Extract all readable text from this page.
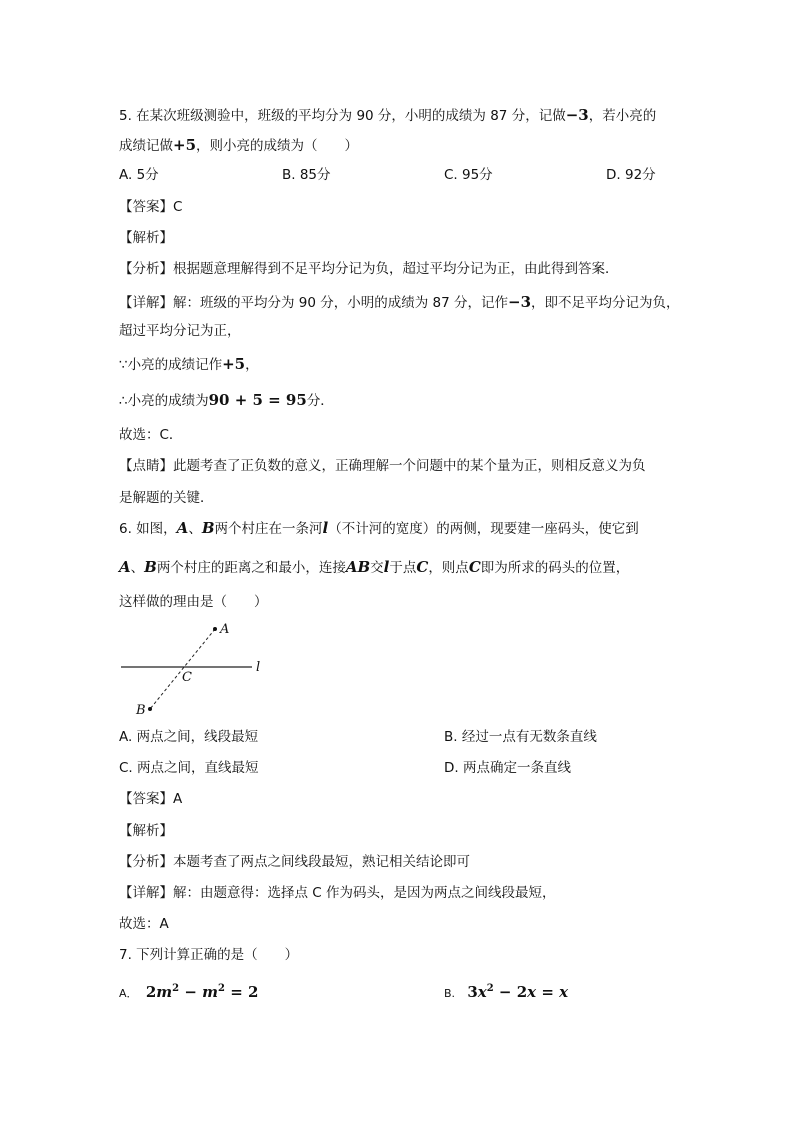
5. 在某次班级测验中，班级的平均分为 90 分，小明的成绩为 87 分，记做−3，若小亮的
成绩记做+5，则小亮的成绩为（　　）
A. 5分	B. 85分	C. 95分	D. 92分
【答案】C
【解析】
【分析】根据题意理解得到不足平均分记为负，超过平均分记为正，由此得到答案．
【详解】解：班级的平均分为 90 分，小明的成绩为 87 分，记作−3，即不足平均分记为负，
超过平均分记为正，
∵小亮的成绩记作+5，
∴小亮的成绩为90 + 5 = 95分．
故选：C．
【点睛】此题考查了正负数的意义，正确理解一个问题中的某个量为正，则相反意义为负
是解题的关键．
6. 如图，A、B两个村庄在一条河l（不计河的宽度）的两侧，现要建一座码头，使它到
A、B两个村庄的距离之和最小，连接AB交l于点C，则点C即为所求的码头的位置，
这样做的理由是（　　）
A
l
C
B
A. 两点之间，线段最短	B. 经过一点有无数条直线
C. 两点之间，直线最短	D. 两点确定一条直线
【答案】A
【解析】
【分析】本题考查了两点之间线段最短，熟记相关结论即可
【详解】解：由题意得：选择点 C 作为码头，是因为两点之间线段最短，
故选：A
7. 下列计算正确的是（　　）
A． $2m^2 - m^2 = 2$	B. $3x^2 - 2x = x$
